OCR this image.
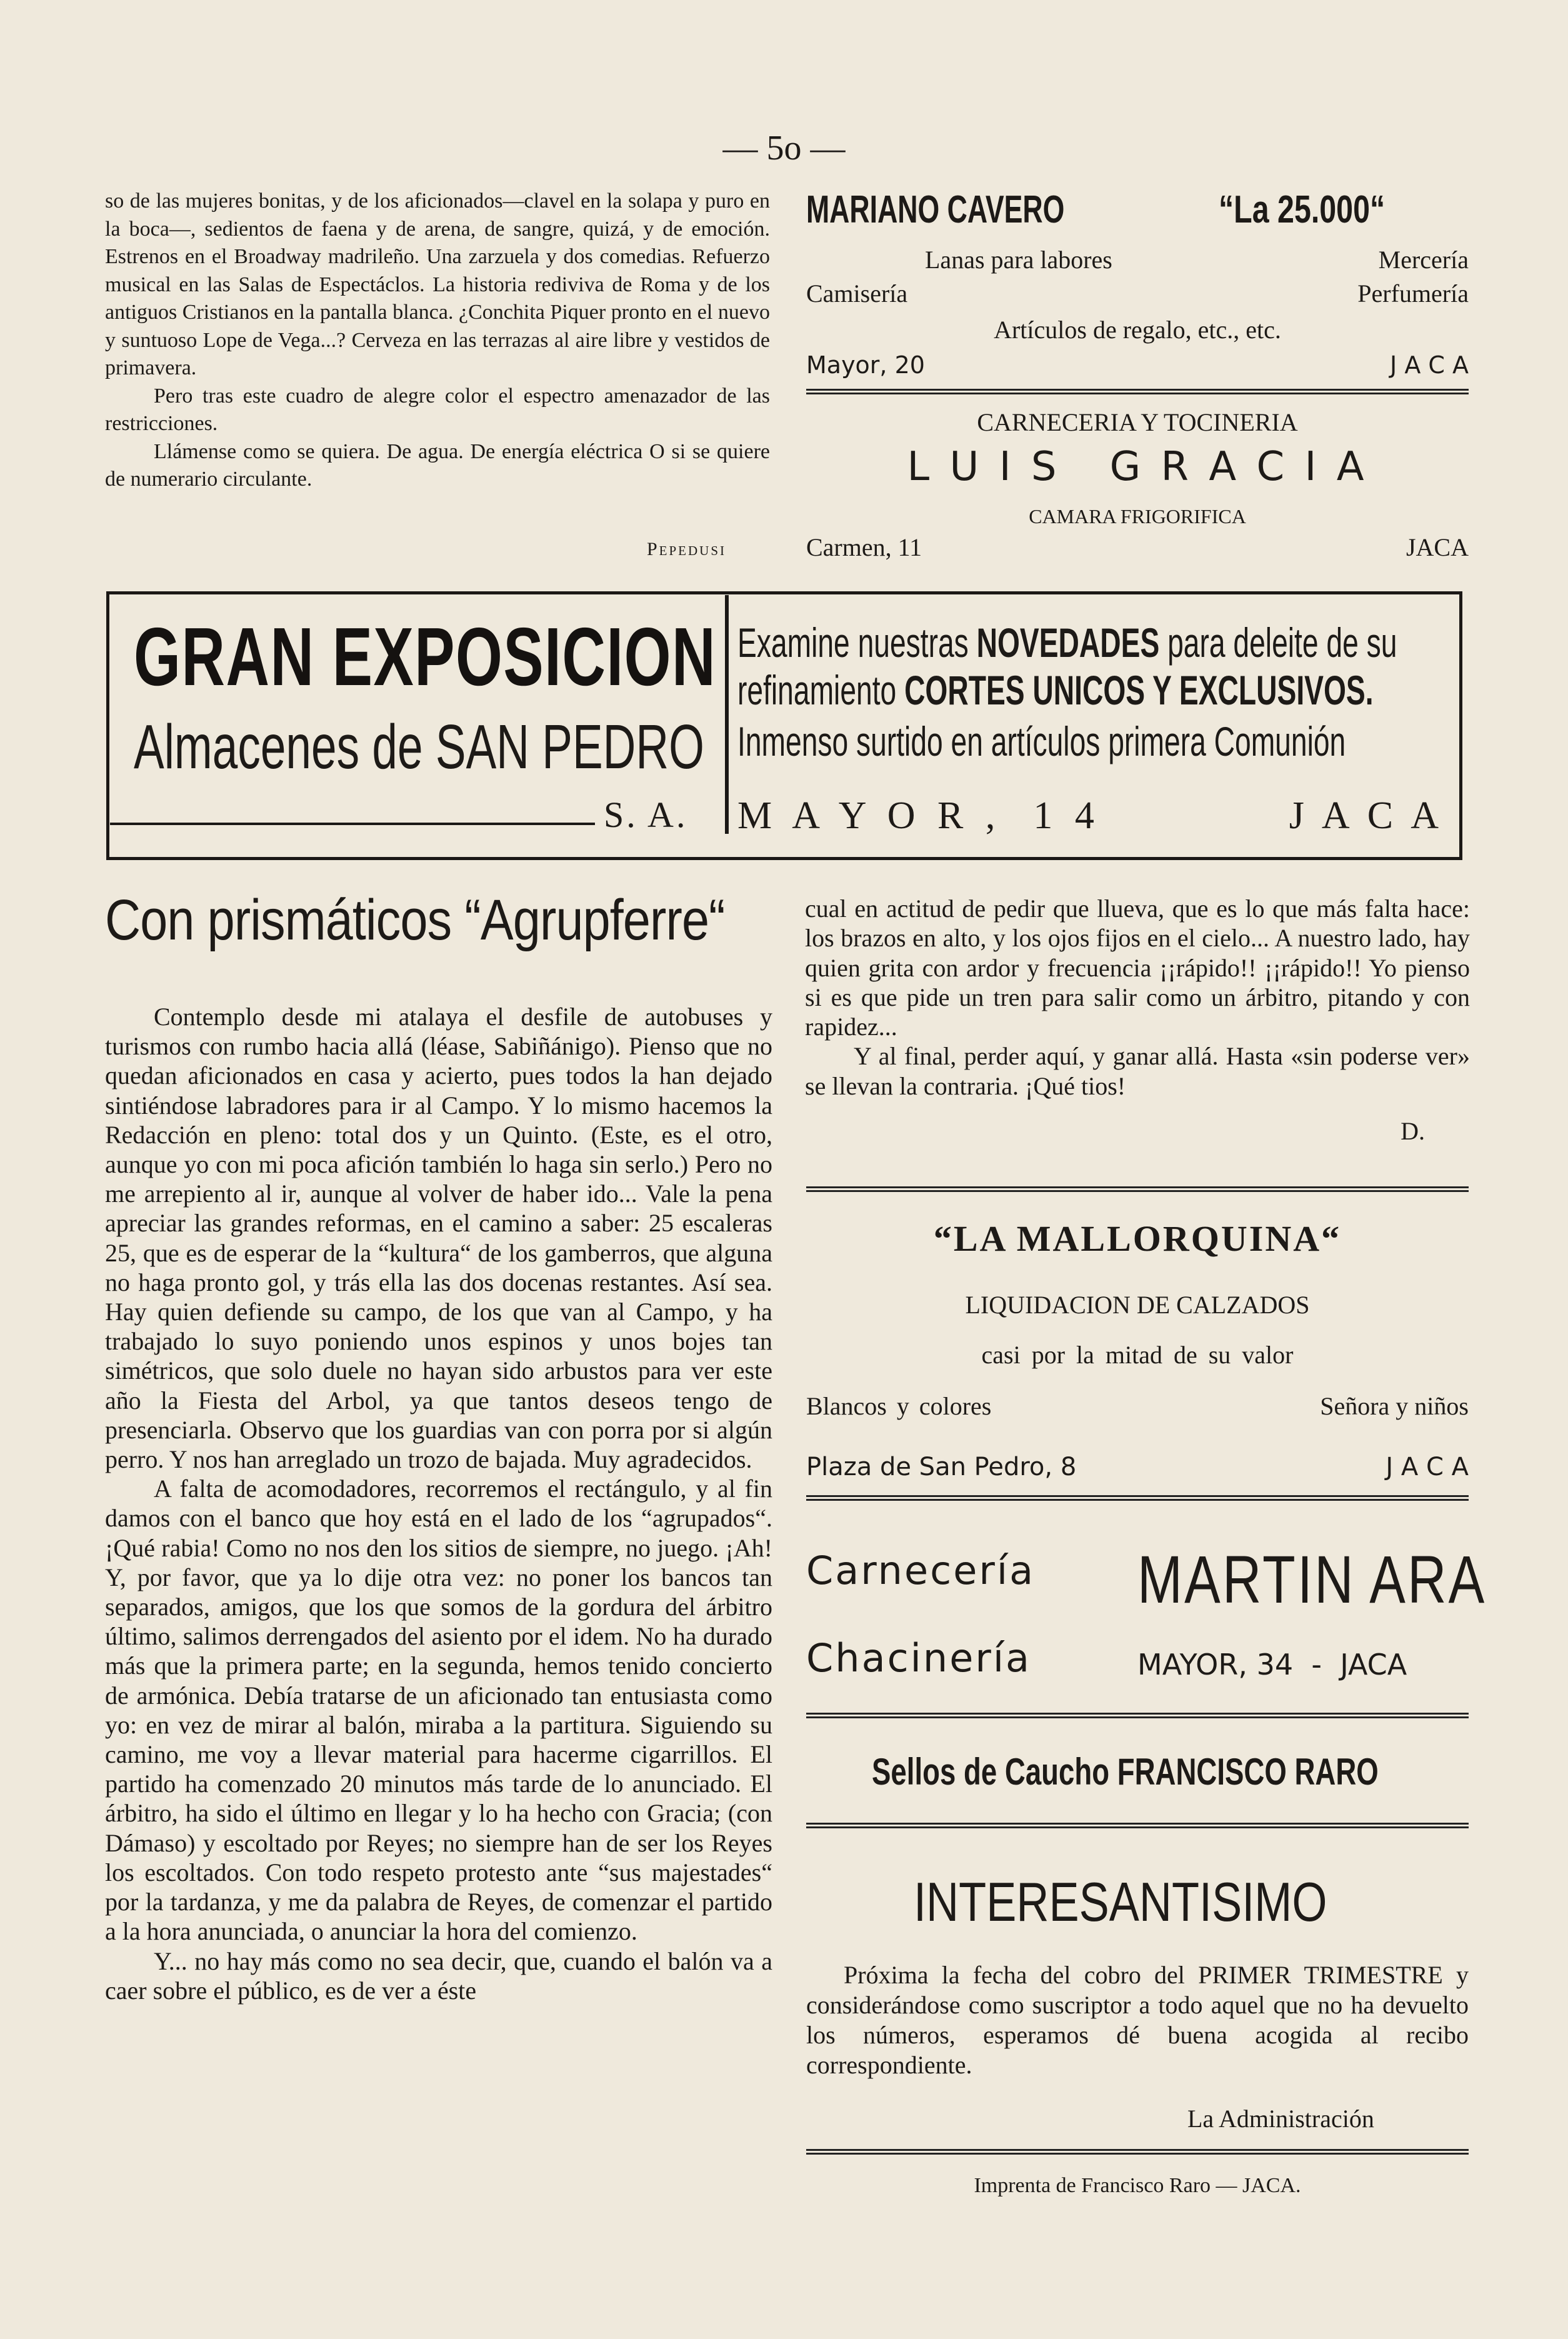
— 5o —

so de las mujeres bonitas, y de los aficionados—clavel en la solapa y puro en la boca—, sedientos de faena y de arena, de sangre, quizá, y de emoción. Estrenos en el Broadway madrileño. Una zarzuela y dos comedias. Refuerzo musical en las Salas de Espectáclos. La historia rediviva de Roma y de los antiguos Cristianos en la pantalla blanca. ¿Conchita Piquer pronto en el nuevo y suntuoso Lope de Vega...? Cerveza en las terrazas al aire libre y vestidos de primavera.

Pero tras este cuadro de alegre color el espectro amenazador de las restricciones.

Llámense como se quiera. De agua. De energía eléctrica O si se quiere de numerario circulante.

Pepedusi
MARIANO CAVERO	“La 25.000“
Lanas para labores	Mercería
Camisería	Perfumería
Artículos de regalo, etc., etc.
Mayor, 20	J A C A
CARNECERIA Y TOCINERIA
L U I S   G R A C I A
CAMARA FRIGORIFICA
Carmen, 11	JACA
GRAN EXPOSICION
Almacenes de SAN PEDRO
Examine nuestras NOVEDADES para deleite de su
refinamiento CORTES UNICOS Y EXCLUSIVOS.
Inmenso surtido en artículos primera Comunión
S. A. M A Y O R ,  1 4	J A C A
Con prismáticos “Agrupferre“

Contemplo desde mi atalaya el desfile de autobuses y turismos con rumbo hacia allá (léase, Sabiñánigo). Pienso que no quedan aficionados en casa y acierto, pues todos la han dejado sintiéndose labradores para ir al Campo. Y lo mismo hacemos la Redacción en pleno: total dos y un Quinto. (Este, es el otro, aunque yo con mi poca afición también lo haga sin serlo.) Pero no me arrepiento al ir, aunque al volver de haber ido... Vale la pena apreciar las grandes reformas, en el camino a saber: 25 escaleras 25, que es de esperar de la “kultura“ de los gamberros, que alguna no haga pronto gol, y trás ella las dos docenas restantes. Así sea. Hay quien defiende su campo, de los que van al Campo, y ha trabajado lo suyo poniendo unos espinos y unos bojes tan simétricos, que solo duele no hayan sido arbustos para ver este año la Fiesta del Arbol, ya que tantos deseos tengo de presenciarla. Observo que los guardias van con porra por si algún perro. Y nos han arreglado un trozo de bajada. Muy agradecidos.

A falta de acomodadores, recorremos el rectángulo, y al fin damos con el banco que hoy está en el lado de los “agrupados“. ¡Qué rabia! Como no nos den los sitios de siempre, no juego. ¡Ah! Y, por favor, que ya lo dije otra vez: no poner los bancos tan separados, amigos, que los que somos de la gordura del árbitro último, salimos derrengados del asiento por el idem. No ha durado más que la primera parte; en la segunda, hemos tenido concierto de armónica. Debía tratarse de un aficionado tan entusiasta como yo: en vez de mirar al balón, miraba a la partitura. Siguiendo su camino, me voy a llevar material para hacerme cigarrillos. El partido ha comenzado 20 minutos más tarde de lo anunciado. El árbitro, ha sido el último en llegar y lo ha hecho con Gracia; (con Dámaso) y escoltado por Reyes; no siempre han de ser los Reyes los escoltados. Con todo respeto protesto ante “sus majestades“ por la tardanza, y me da palabra de Reyes, de comenzar el partido a la hora anunciada, o anunciar la hora del comienzo.

Y... no hay más como no sea decir, que, cuando el balón va a caer sobre el público, es de ver a éste

cual en actitud de pedir que llueva, que es lo que más falta hace: los brazos en alto, y los ojos fijos en el cielo... A nuestro lado, hay quien grita con ardor y frecuencia ¡¡rápido!! ¡¡rápido!! Yo pienso si es que pide un tren para salir como un árbitro, pitando y con rapidez...

Y al final, perder aquí, y ganar allá. Hasta «sin poderse ver» se llevan la contraria. ¡Qué tios!

D.
“LA MALLORQUINA“
LIQUIDACION DE CALZADOS
casi por la mitad de su valor
Blancos y colores	Señora y niños
Plaza de San Pedro, 8	J A C A
Carnecería
Chacinería
MARTIN ARA
MAYOR, 34  -  JACA
Sellos de Caucho FRANCISCO RARO
INTERESANTISIMO
Próxima la fecha del cobro del PRIMER TRIMESTRE y considerándose como suscriptor a todo aquel que no ha devuelto los números, esperamos dé buena acogida al recibo correspondiente.
La Administración
Imprenta de Francisco Raro — JACA.
